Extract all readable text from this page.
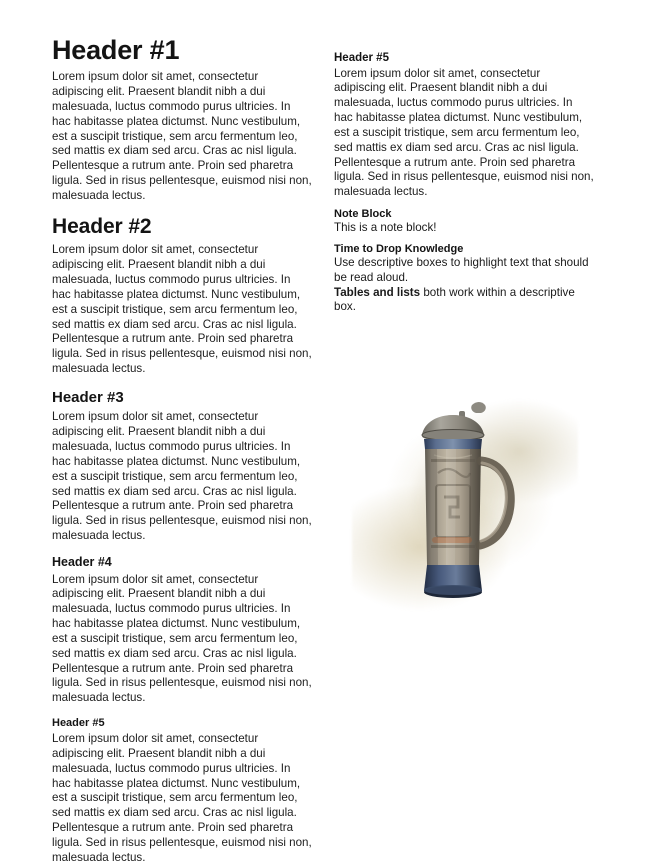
Header #1

Lorem ipsum dolor sit amet, consectetur adipiscing elit. Praesent blandit nibh a dui malesuada, luctus commodo purus ultricies. In hac habitasse platea dictumst. Nunc vestibulum, est a suscipit tristique, sem arcu fermentum leo, sed mattis ex diam sed arcu. Cras ac nisl ligula. Pellentesque a rutrum ante. Proin sed pharetra ligula. Sed in risus pellentesque, euismod nisi non, malesuada lectus.

Header #2

Lorem ipsum dolor sit amet, consectetur adipiscing elit. Praesent blandit nibh a dui malesuada, luctus commodo purus ultricies. In hac habitasse platea dictumst. Nunc vestibulum, est a suscipit tristique, sem arcu fermentum leo, sed mattis ex diam sed arcu. Cras ac nisl ligula. Pellentesque a rutrum ante. Proin sed pharetra ligula. Sed in risus pellentesque, euismod nisi non, malesuada lectus.

Header #3

Lorem ipsum dolor sit amet, consectetur adipiscing elit. Praesent blandit nibh a dui malesuada, luctus commodo purus ultricies. In hac habitasse platea dictumst. Nunc vestibulum, est a suscipit tristique, sem arcu fermentum leo, sed mattis ex diam sed arcu. Cras ac nisl ligula. Pellentesque a rutrum ante. Proin sed pharetra ligula. Sed in risus pellentesque, euismod nisi non, malesuada lectus.

Header #4

Lorem ipsum dolor sit amet, consectetur adipiscing elit. Praesent blandit nibh a dui malesuada, luctus commodo purus ultricies. In hac habitasse platea dictumst. Nunc vestibulum, est a suscipit tristique, sem arcu fermentum leo, sed mattis ex diam sed arcu. Cras ac nisl ligula. Pellentesque a rutrum ante. Proin sed pharetra ligula. Sed in risus pellentesque, euismod nisi non, malesuada lectus.

Header #5

Lorem ipsum dolor sit amet, consectetur adipiscing elit. Praesent blandit nibh a dui malesuada, luctus commodo purus ultricies. In hac habitasse platea dictumst. Nunc vestibulum, est a suscipit tristique, sem arcu fermentum leo, sed mattis ex diam sed arcu. Cras ac nisl ligula. Pellentesque a rutrum ante. Proin sed pharetra ligula. Sed in risus pellentesque, euismod nisi non, malesuada lectus.

Header #5

Lorem ipsum dolor sit amet, consectetur adipiscing elit. Praesent blandit nibh a dui malesuada, luctus commodo purus ultricies. In hac habitasse platea dictumst. Nunc vestibulum, est a suscipit tristique, sem arcu fermentum leo, sed mattis ex diam sed arcu. Cras ac nisl ligula. Pellentesque a rutrum ante. Proin sed pharetra ligula. Sed in risus pellentesque, euismod nisi non, malesuada lectus.

Note Block

This is a note block!

Time to Drop Knowledge

Use descriptive boxes to highlight text that should be read aloud.

Tables and lists both work within a descriptive box.
